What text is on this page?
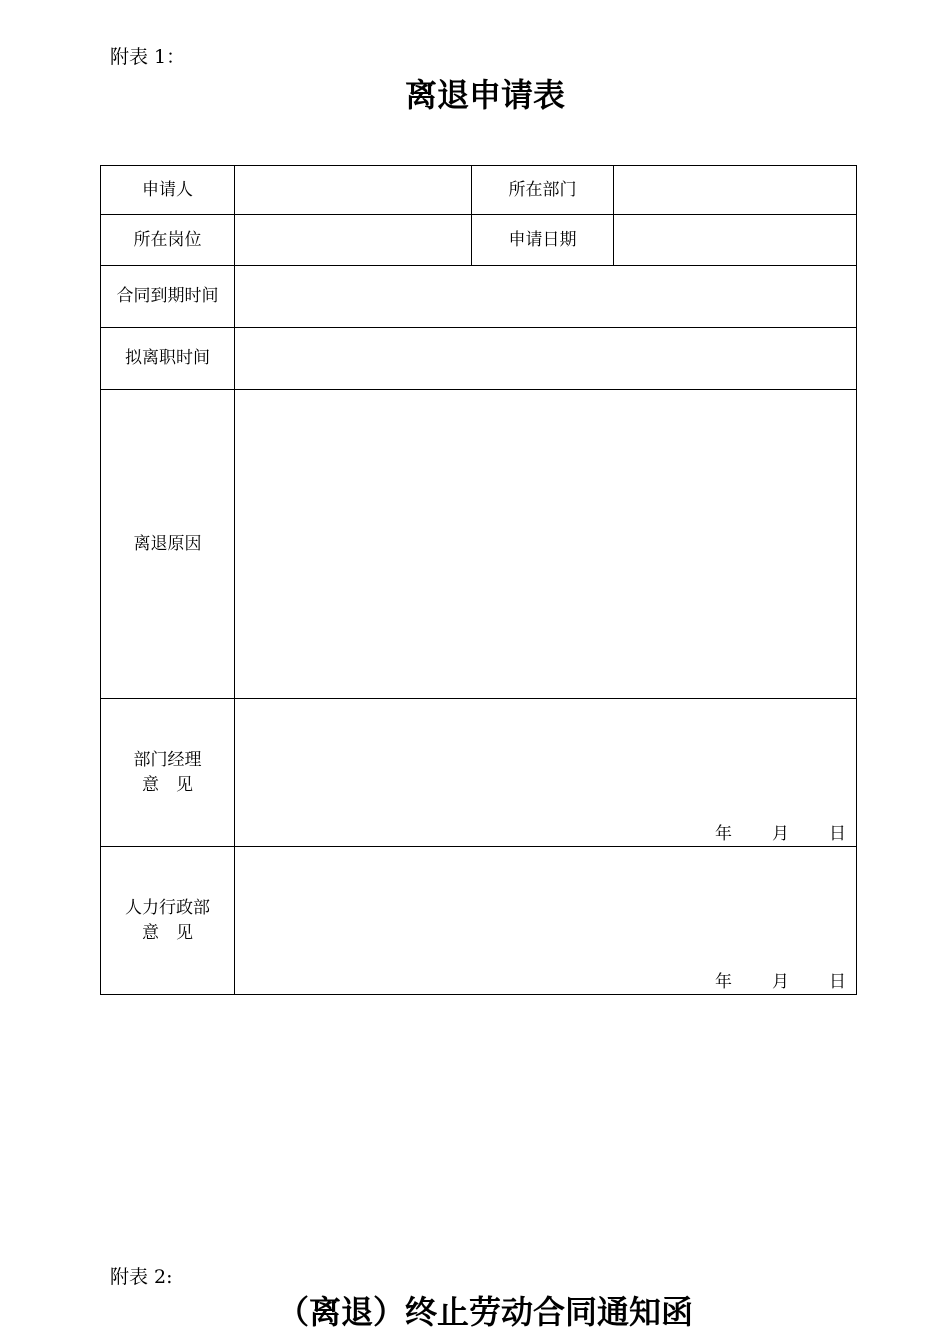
附表 1：
离退申请表
申请人		所在部门	
所在岗位		申请日期	
合同到期时间			
拟离职时间			
离退原因			

部门经理
意　见	年 月 日		

人力行政部
意　见	年 月 日		
附表 2:
（离退）终止劳动合同通知函
